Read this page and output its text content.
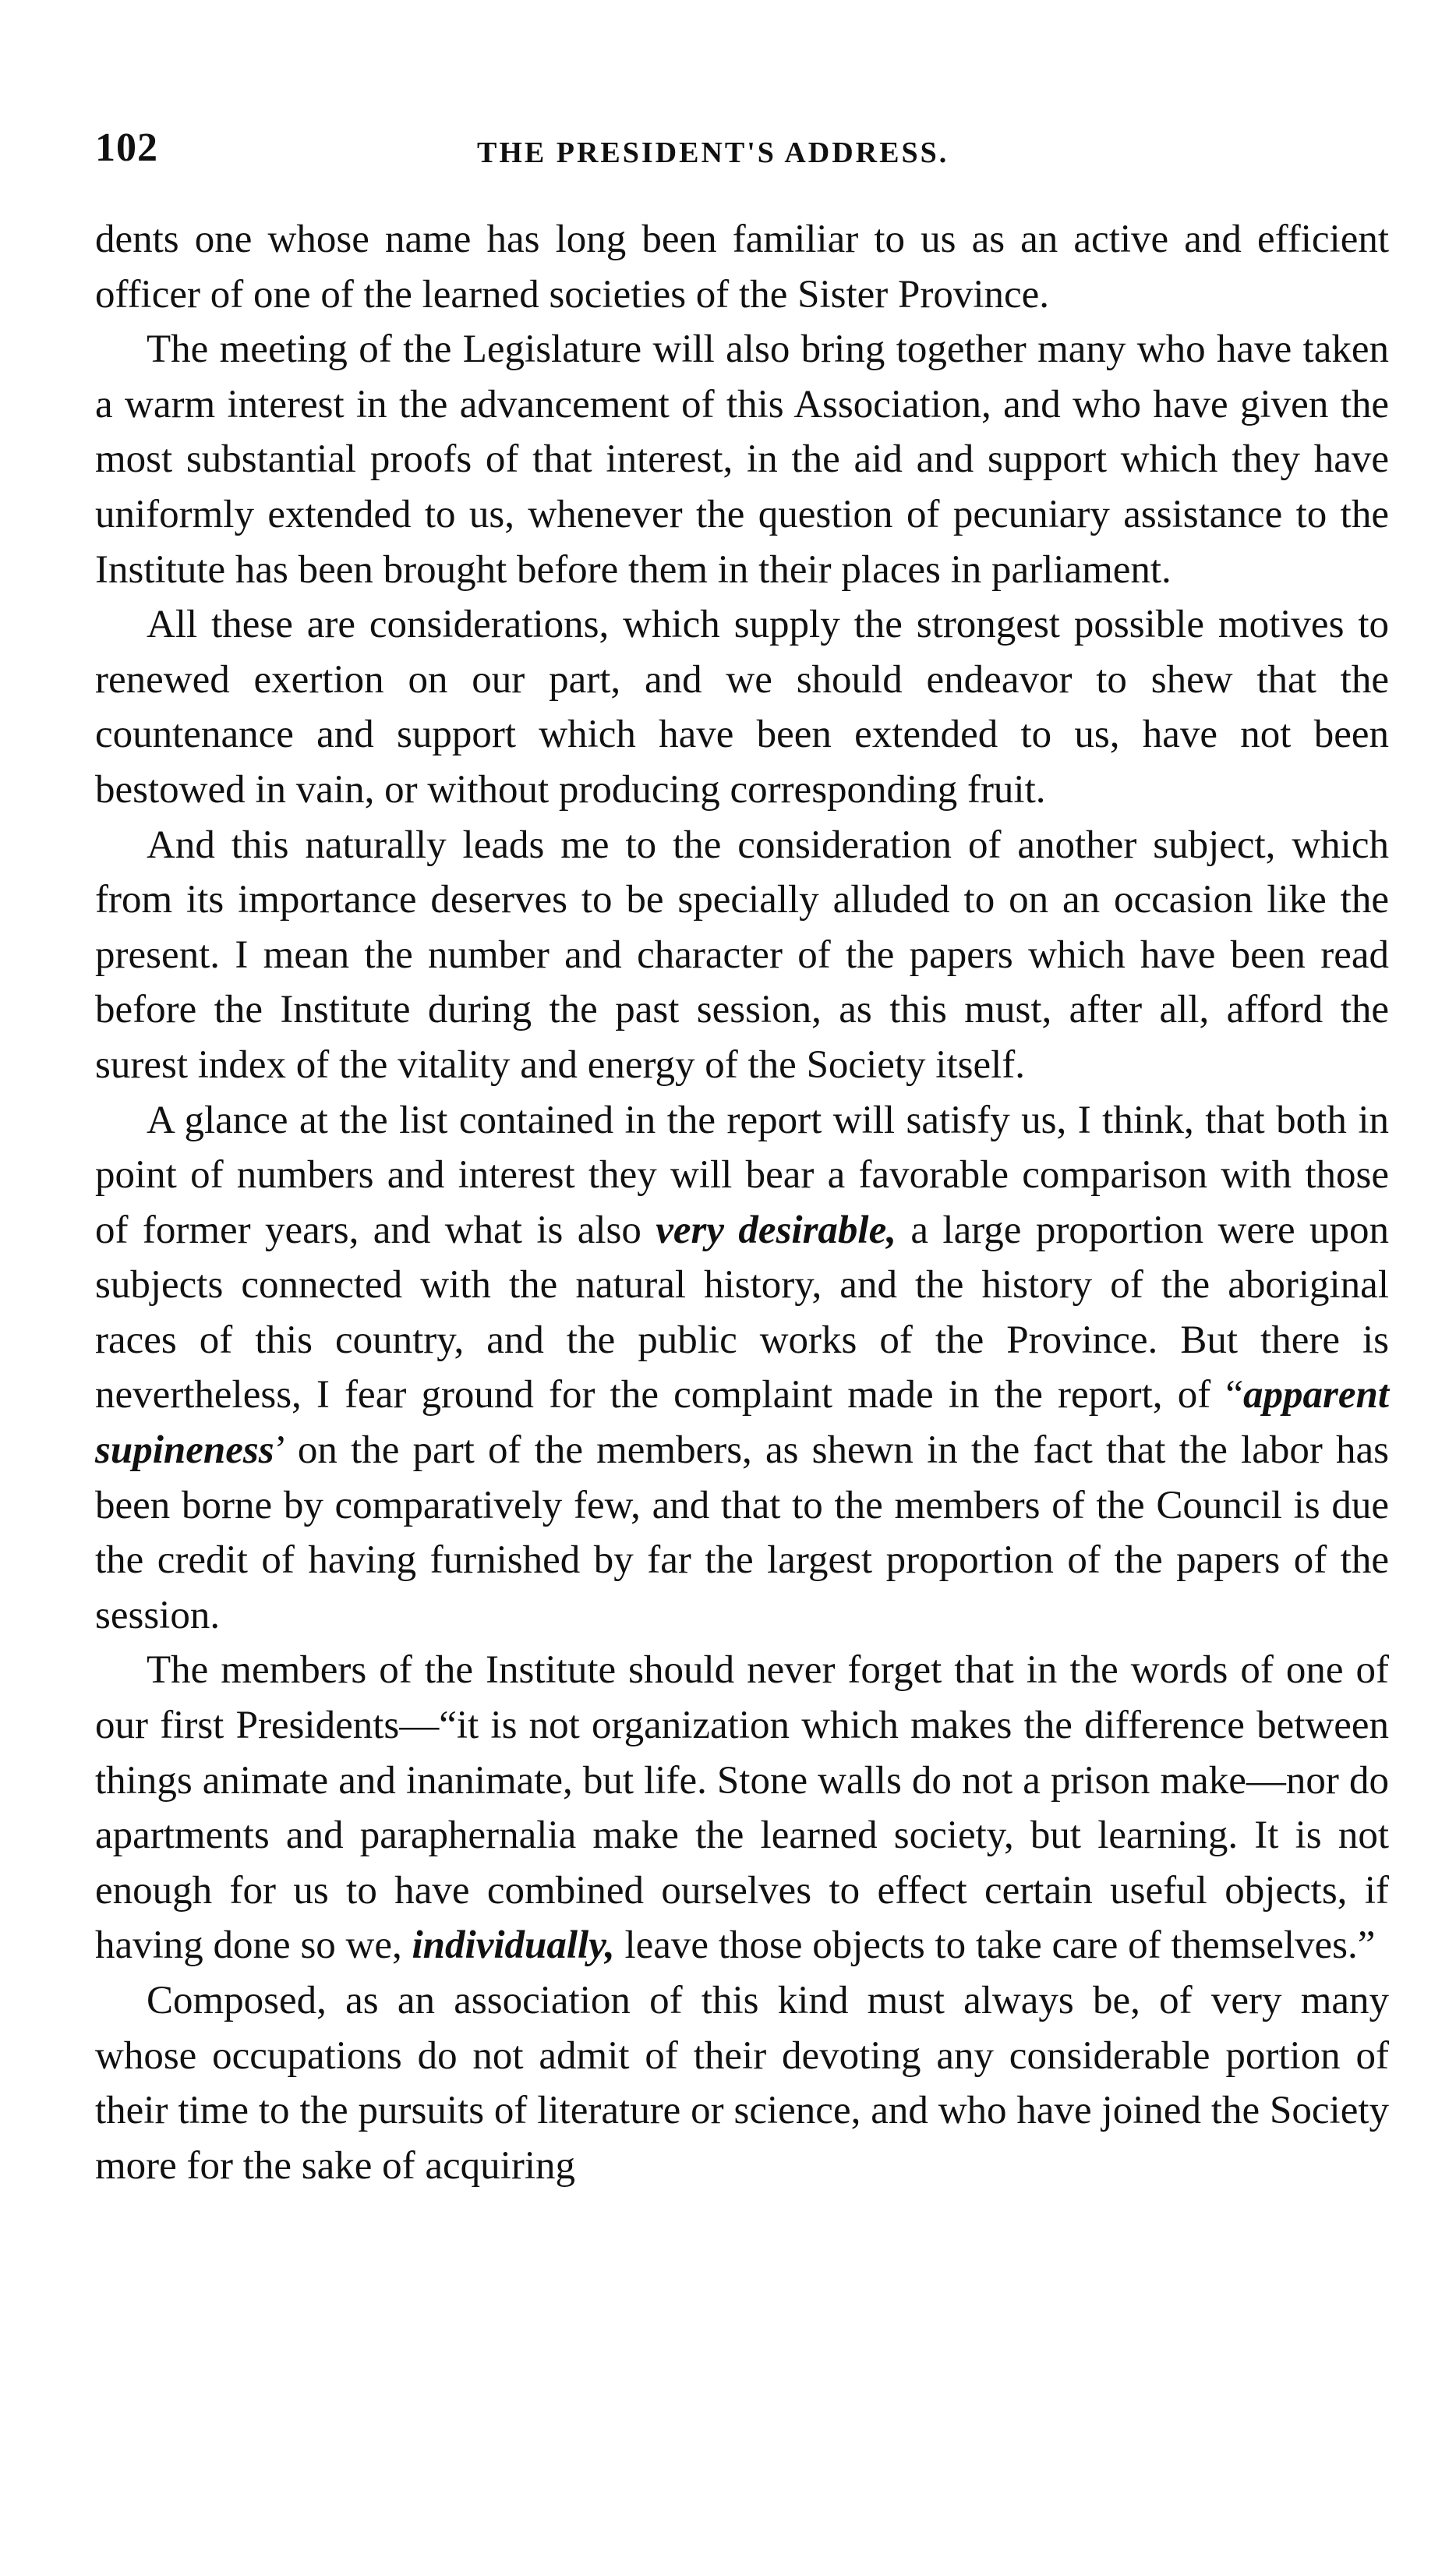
102	THE PRESIDENT'S ADDRESS.

dents one whose name has long been familiar to us as an active and efficient officer of one of the learned societies of the Sister Province.

The meeting of the Legislature will also bring together many who have taken a warm interest in the advancement of this Association, and who have given the most substantial proofs of that interest, in the aid and support which they have uniformly extended to us, whenever the question of pecuniary assistance to the Institute has been brought before them in their places in parliament.

All these are considerations, which supply the strongest possible motives to renewed exertion on our part, and we should endeavor to shew that the countenance and support which have been extended to us, have not been bestowed in vain, or without producing corresponding fruit.

And this naturally leads me to the consideration of another subject, which from its importance deserves to be specially alluded to on an occasion like the present. I mean the number and character of the papers which have been read before the Institute during the past session, as this must, after all, afford the surest index of the vitality and energy of the Society itself.

A glance at the list contained in the report will satisfy us, I think, that both in point of numbers and interest they will bear a favorable comparison with those of former years, and what is also very desirable, a large proportion were upon subjects connected with the natural history, and the history of the aboriginal races of this country, and the public works of the Province. But there is nevertheless, I fear ground for the complaint made in the report, of “apparent supineness’ on the part of the members, as shewn in the fact that the labor has been borne by comparatively few, and that to the members of the Council is due the credit of having furnished by far the largest proportion of the papers of the session.

The members of the Institute should never forget that in the words of one of our first Presidents—“it is not organization which makes the difference between things animate and inanimate, but life. Stone walls do not a prison make—nor do apartments and paraphernalia make the learned society, but learning. It is not enough for us to have combined ourselves to effect certain useful objects, if having done so we, individually, leave those objects to take care of themselves.”

Composed, as an association of this kind must always be, of very many whose occupations do not admit of their devoting any considerable portion of their time to the pursuits of literature or science, and who have joined the Society more for the sake of acquiring
